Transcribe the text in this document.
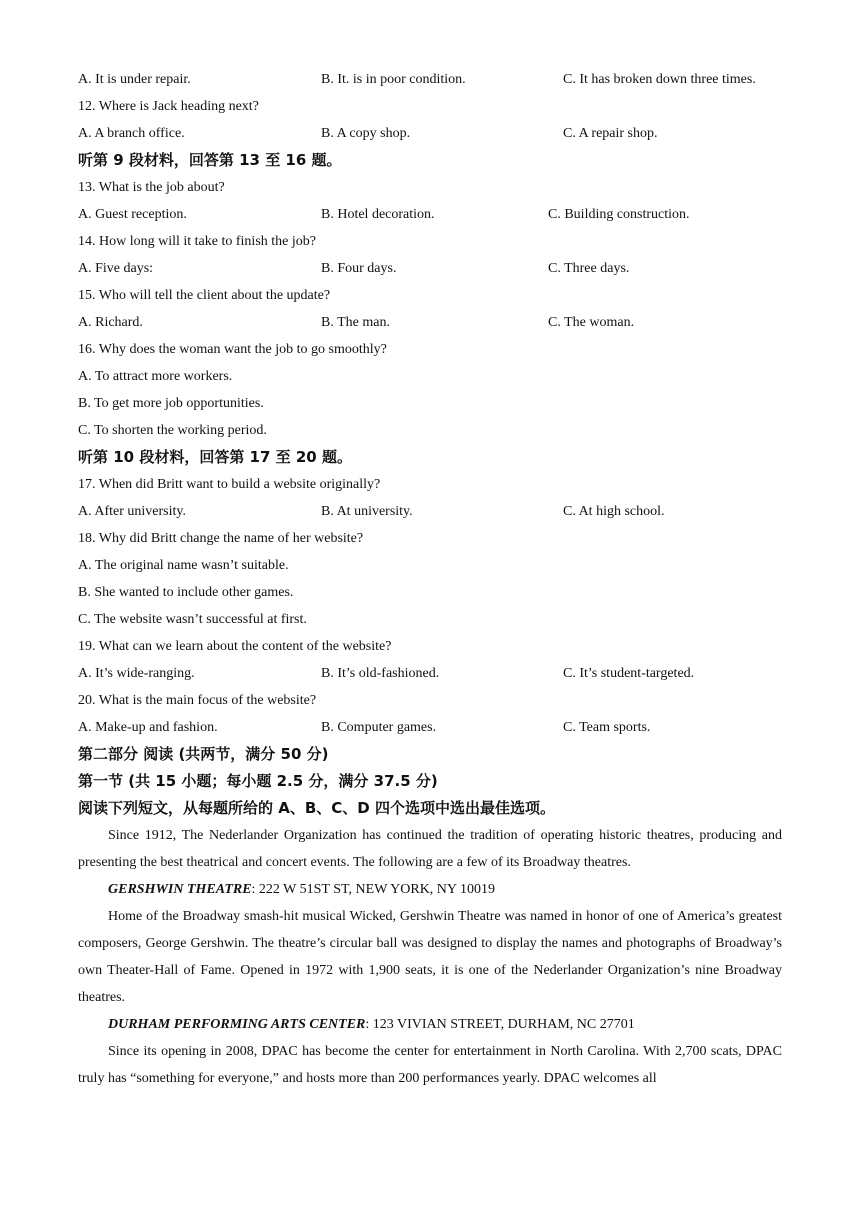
A. It is under repair.	B. It. is in poor condition.	C. It has broken down three times.
12. Where is Jack heading next?
A. A branch office.	B. A copy shop.	C. A repair shop.
听第 9 段材料，回答第 13 至 16 题。
13. What is the job about?
A. Guest reception.	B. Hotel decoration.	C. Building construction.
14. How long will it take to finish the job?
A. Five days:	B. Four days.	C. Three days.
15. Who will tell the client about the update?
A. Richard.	B. The man.	C. The woman.
16. Why does the woman want the job to go smoothly?
A. To attract more workers.
B. To get more job opportunities.
C. To shorten the working period.
听第 10 段材料，回答第 17 至 20 题。
17. When did Britt want to build a website originally?
A. After university.	B. At university.	C. At high school.
18. Why did Britt change the name of her website?
A. The original name wasn’t suitable.
B. She wanted to include other games.
C. The website wasn’t successful at first.
19. What can we learn about the content of the website?
A. It’s wide-ranging.	B. It’s old-fashioned.	C. It’s student-targeted.
20. What is the main focus of the website?
A. Make-up and fashion.	B. Computer games.	C. Team sports.
第二部分 阅读 (共两节，满分 50 分)
第一节 (共 15 小题；每小题 2.5 分，满分 37.5 分)
阅读下列短文，从每题所给的 A、B、C、D 四个选项中选出最佳选项。

Since 1912, The Nederlander Organization has continued the tradition of operating historic theatres, producing and presenting the best theatrical and concert events. The following are a few of its Broadway theatres.

GERSHWIN THEATRE: 222 W 51ST ST, NEW YORK, NY 10019

Home of the Broadway smash-hit musical Wicked, Gershwin Theatre was named in honor of one of America’s greatest composers, George Gershwin. The theatre’s circular ball was designed to display the names and photographs of Broadway’s own Theater-Hall of Fame. Opened in 1972 with 1,900 seats, it is one of the Nederlander Organization’s nine Broadway theatres.

DURHAM PERFORMING ARTS CENTER: 123 VIVIAN STREET, DURHAM, NC 27701

Since its opening in 2008, DPAC has become the center for entertainment in North Carolina. With 2,700 scats, DPAC truly has “something for everyone,” and hosts more than 200 performances yearly. DPAC welcomes all
